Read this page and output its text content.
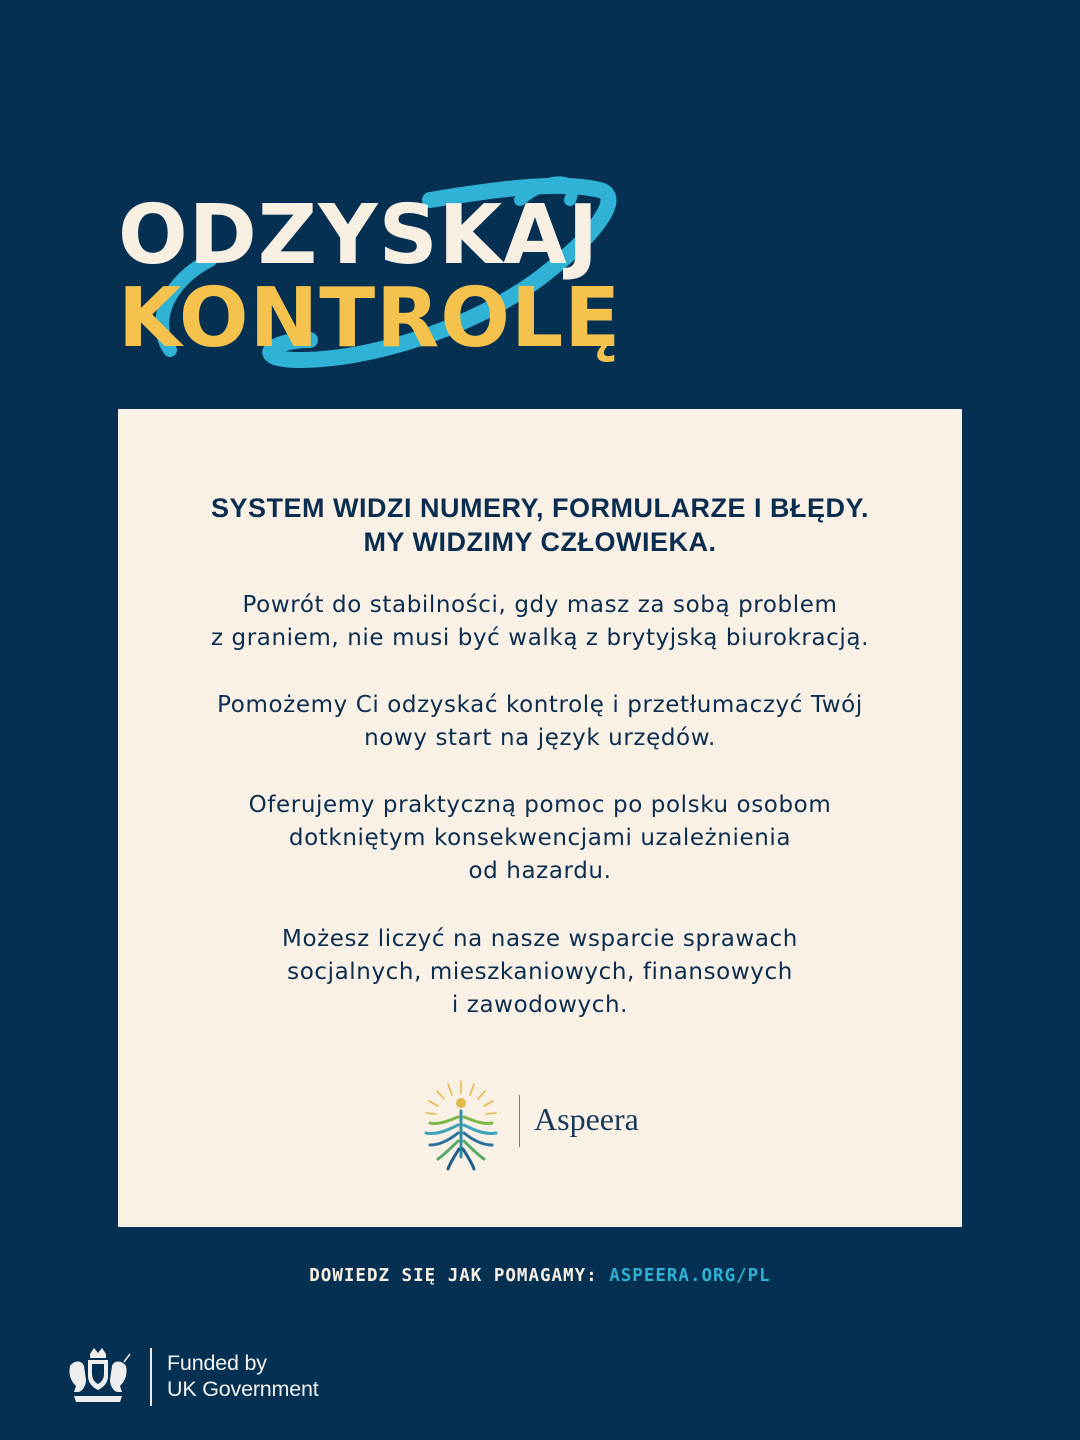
ODZYSKAJ
KONTROLĘ
SYSTEM WIDZI NUMERY, FORMULARZE I BŁĘDY.
MY WIDZIMY CZŁOWIEKA.

Powrót do stabilności, gdy masz za sobą problem
z graniem, nie musi być walką z brytyjską biurokracją.

Pomożemy Ci odzyskać kontrolę i przetłumaczyć Twój
nowy start na język urzędów.

Oferujemy praktyczną pomoc po polsku osobom
dotkniętym konsekwencjami uzależnienia
od hazardu.

Możesz liczyć na nasze wsparcie sprawach
socjalnych, mieszkaniowych, finansowych
i zawodowych.

Aspeera
DOWIEDZ SIĘ JAK POMAGAMY: ASPEERA.ORG/PL
Funded by
UK Government
